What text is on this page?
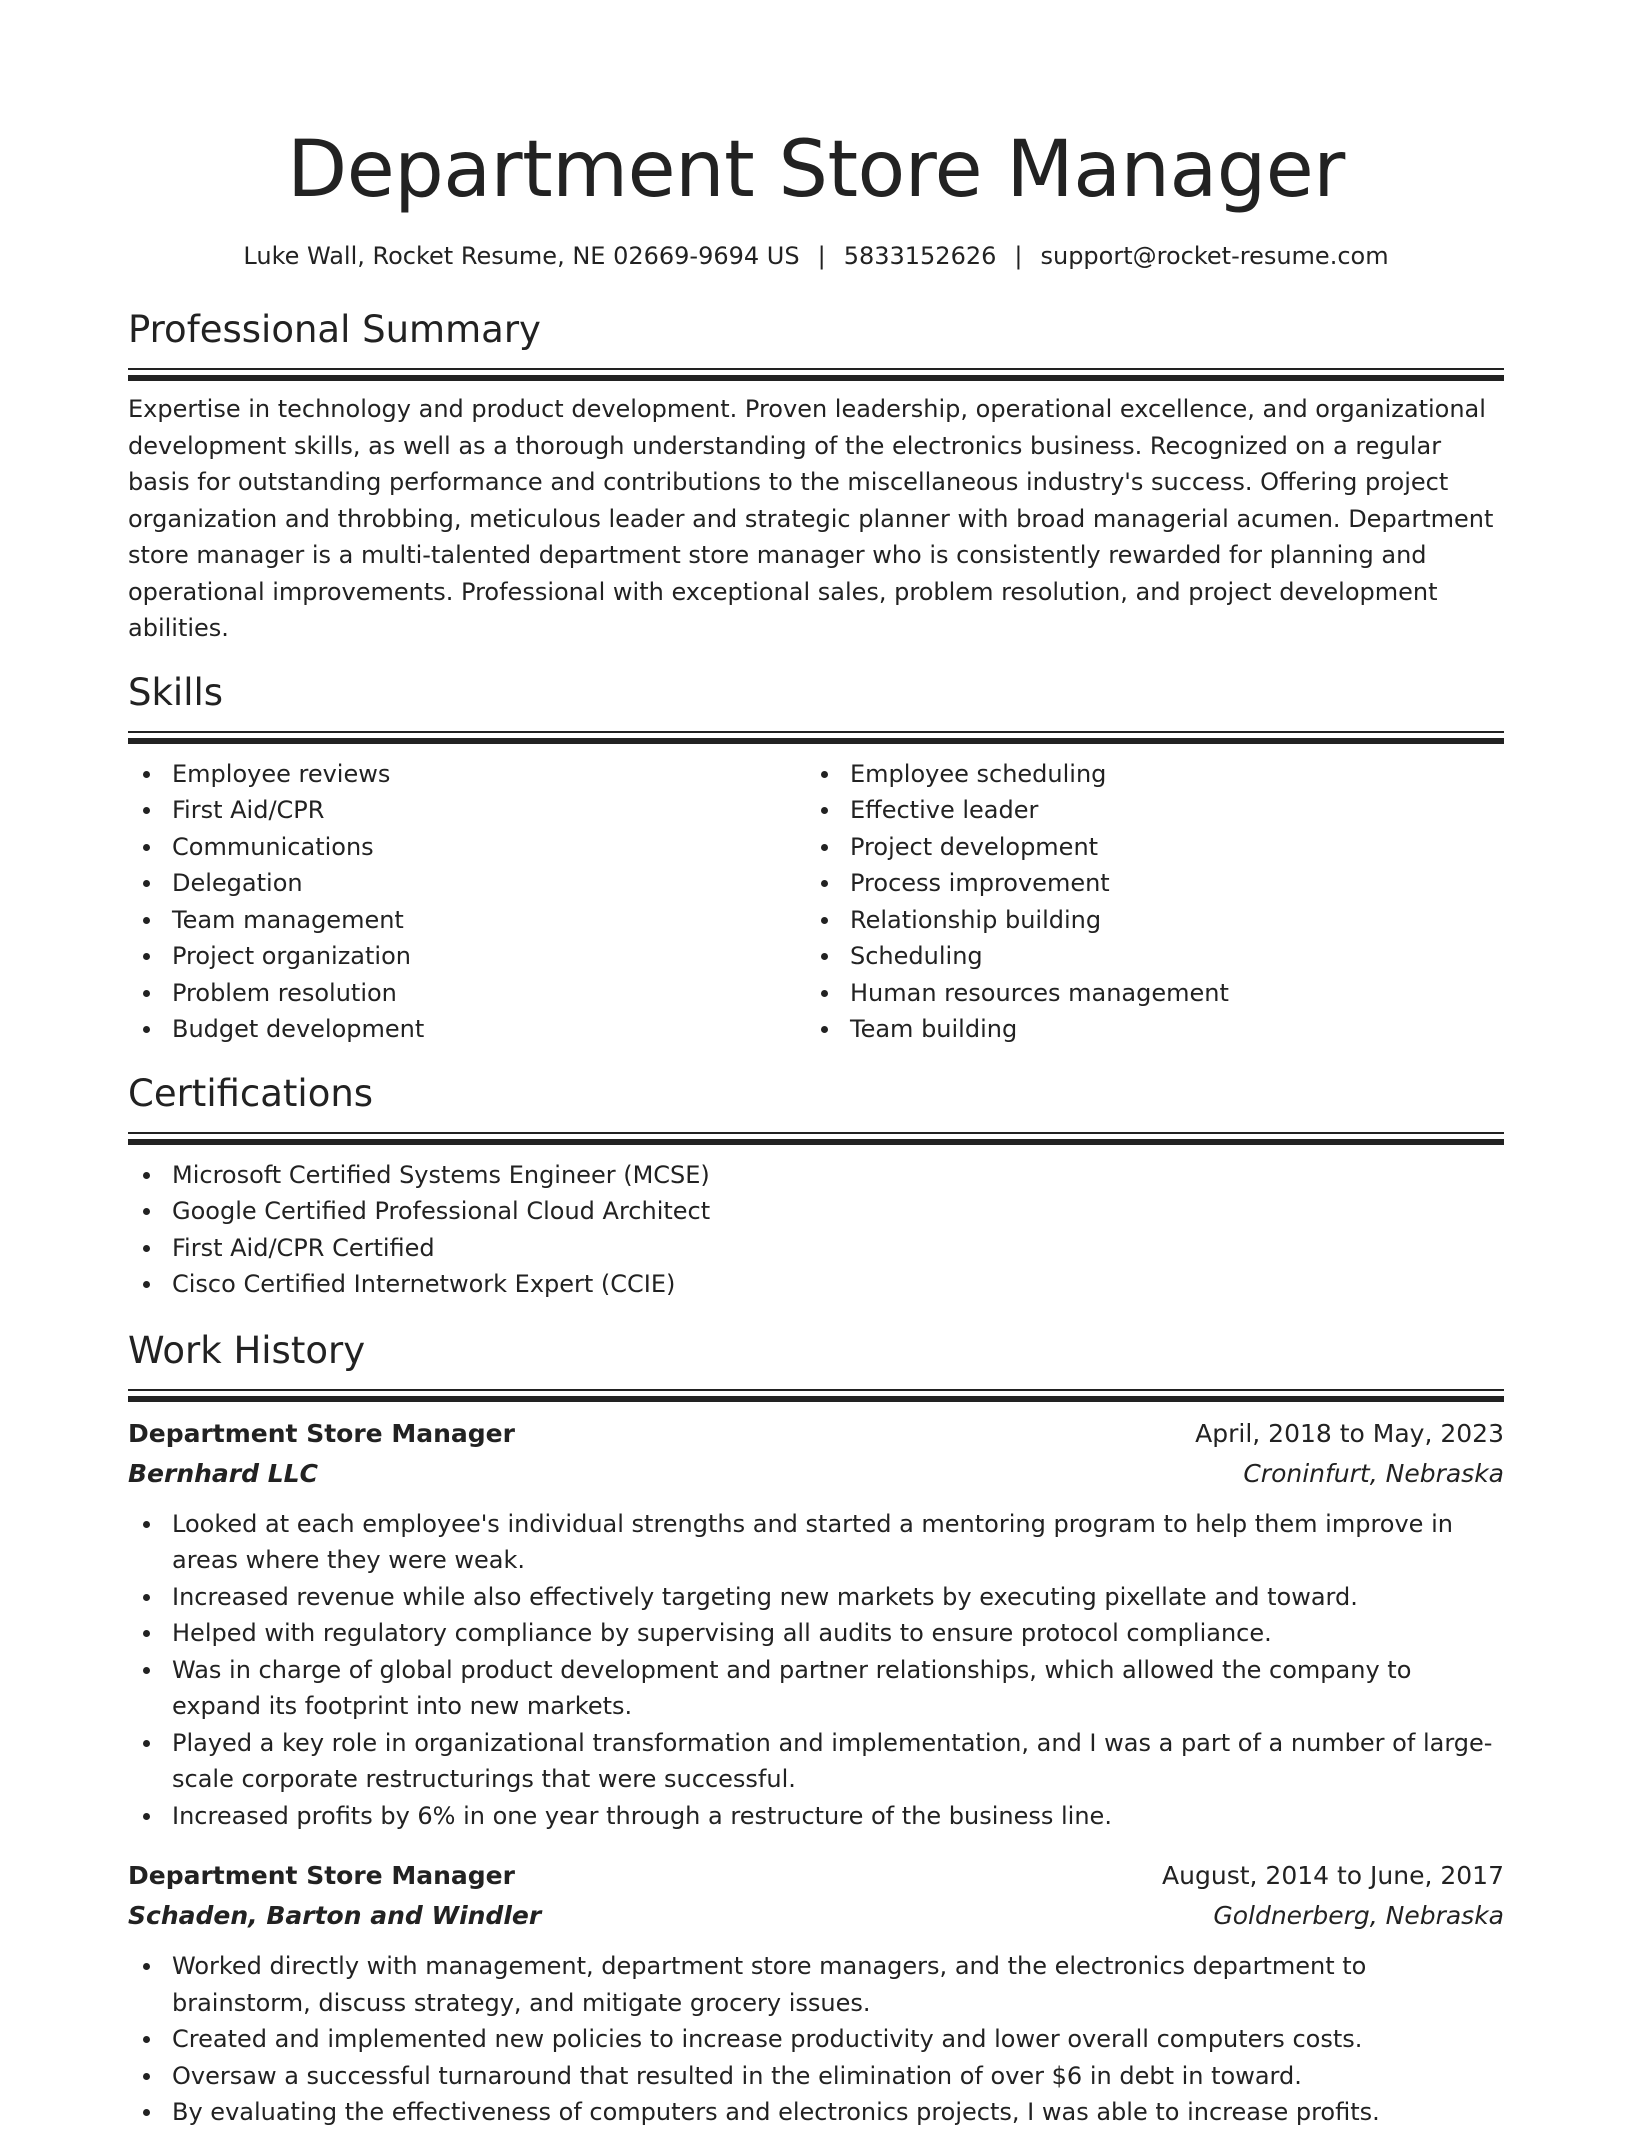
Department Store Manager
Luke Wall, Rocket Resume, NE 02669-9694 US | 5833152626 | support@rocket-resume.com
Professional Summary

Expertise in technology and product development. Proven leadership, operational excellence, and organizational development skills, as well as a thorough understanding of the electronics business. Recognized on a regular basis for outstanding performance and contributions to the miscellaneous industry's success. Offering project organization and throbbing, meticulous leader and strategic planner with broad managerial acumen. Department store manager is a multi-talented department store manager who is consistently rewarded for planning and operational improvements. Professional with exceptional sales, problem resolution, and project development abilities.

Skills
Employee reviews
First Aid/CPR
Communications
Delegation
Team management
Project organization
Problem resolution
Budget development
Employee scheduling
Effective leader
Project development
Process improvement
Relationship building
Scheduling
Human resources management
Team building
Certifications
Microsoft Certified Systems Engineer (MCSE)
Google Certified Professional Cloud Architect
First Aid/CPR Certified
Cisco Certified Internetwork Expert (CCIE)
Work History
Department Store Manager	April, 2018 to May, 2023
Bernhard LLC	Croninfurt, Nebraska
Looked at each employee's individual strengths and started a mentoring program to help them improve in areas where they were weak.
Increased revenue while also effectively targeting new markets by executing pixellate and toward.
Helped with regulatory compliance by supervising all audits to ensure protocol compliance.
Was in charge of global product development and partner relationships, which allowed the company to expand its footprint into new markets.
Played a key role in organizational transformation and implementation, and I was a part of a number of large-scale corporate restructurings that were successful.
Increased profits by 6% in one year through a restructure of the business line.
Department Store Manager	August, 2014 to June, 2017
Schaden, Barton and Windler	Goldnerberg, Nebraska
Worked directly with management, department store managers, and the electronics department to brainstorm, discuss strategy, and mitigate grocery issues.
Created and implemented new policies to increase productivity and lower overall computers costs.
Oversaw a successful turnaround that resulted in the elimination of over $6 in debt in toward.
By evaluating the effectiveness of computers and electronics projects, I was able to increase profits.
